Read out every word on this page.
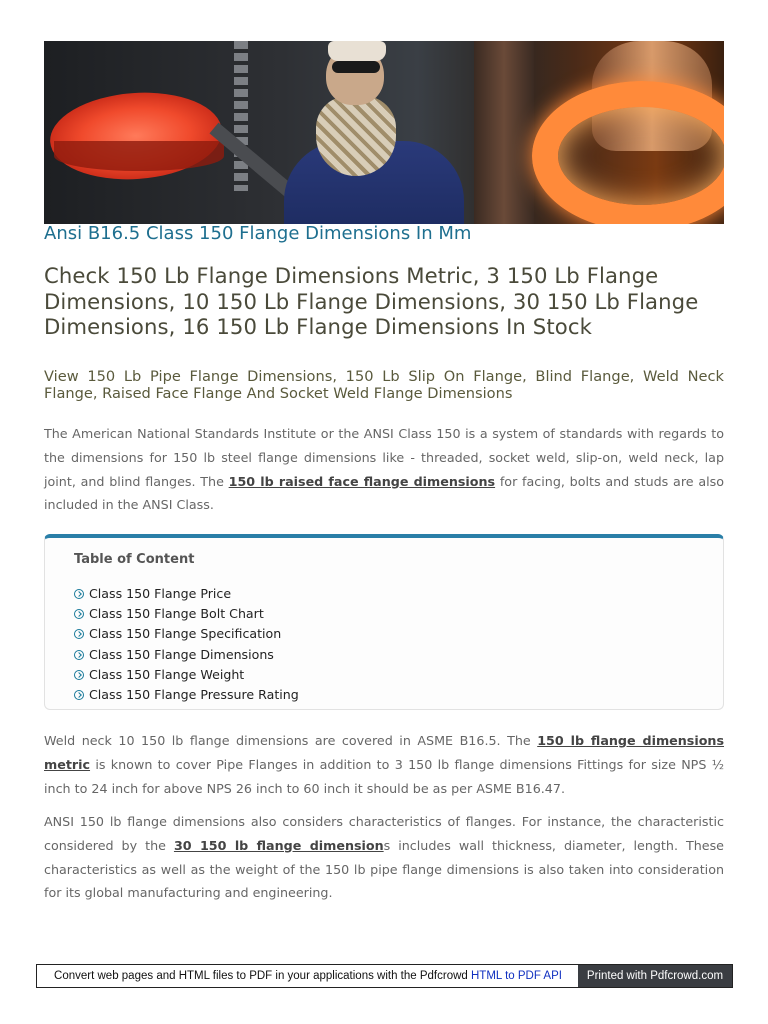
Ansi B16.5 Class 150 Flange Dimensions In Mm
Check 150 Lb Flange Dimensions Metric, 3 150 Lb Flange Dimensions, 10 150 Lb Flange Dimensions, 30 150 Lb Flange Dimensions, 16 150 Lb Flange Dimensions In Stock
View 150 Lb Pipe Flange Dimensions, 150 Lb Slip On Flange, Blind Flange, Weld Neck Flange, Raised Face Flange And Socket Weld Flange Dimensions

The American National Standards Institute or the ANSI Class 150 is a system of standards with regards to the dimensions for 150 lb steel flange dimensions like - threaded, socket weld, slip-on, weld neck, lap joint, and blind flanges. The 150 lb raised face flange dimensions for facing, bolts and studs are also included in the ANSI Class.

Table of Content
Class 150 Flange Price
Class 150 Flange Bolt Chart
Class 150 Flange Specification
Class 150 Flange Dimensions
Class 150 Flange Weight
Class 150 Flange Pressure Rating

Weld neck 10 150 lb flange dimensions are covered in ASME B16.5. The 150 lb flange dimensions metric is known to cover Pipe Flanges in addition to 3 150 lb flange dimensions Fittings for size NPS ½ inch to 24 inch for above NPS 26 inch to 60 inch it should be as per ASME B16.47.

ANSI 150 lb flange dimensions also considers characteristics of flanges. For instance, the characteristic considered by the 30 150 lb flange dimensions includes wall thickness, diameter, length. These characteristics as well as the weight of the 150 lb pipe flange dimensions is also taken into consideration for its global manufacturing and engineering.

Convert web pages and HTML files to PDF in your applications with the Pdfcrowd HTML to PDF API	Printed with Pdfcrowd.com
